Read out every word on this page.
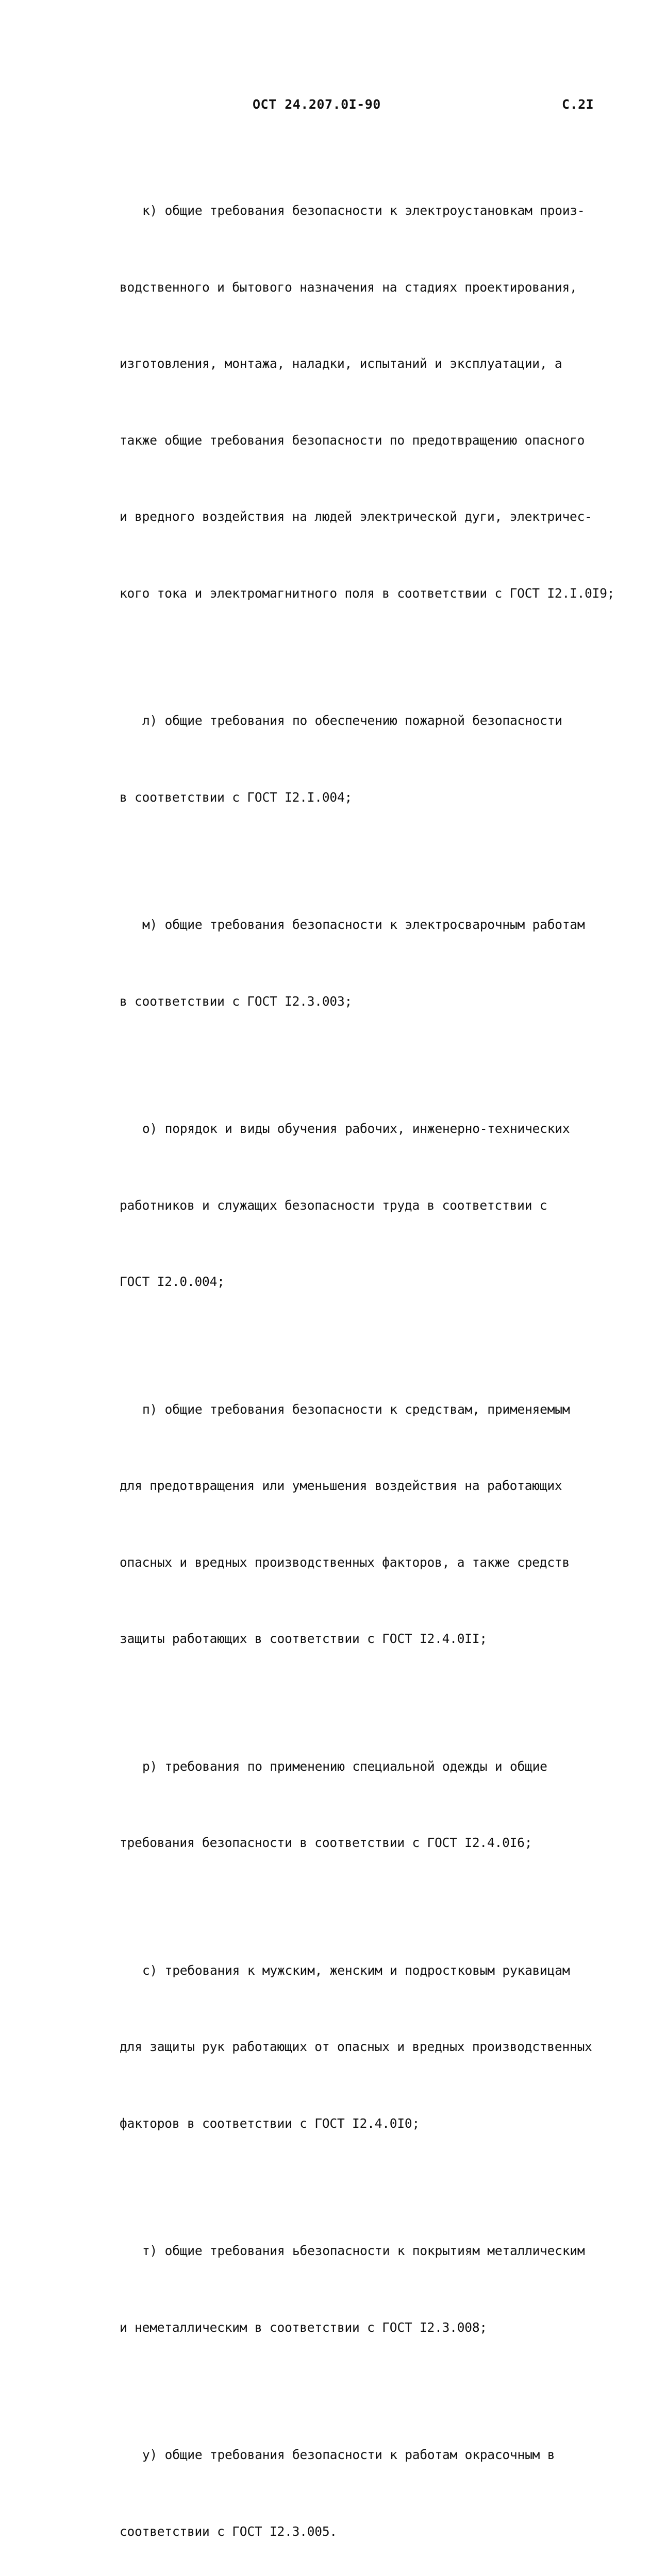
ОСТ 24.207.0I-90	С.2I

к) общие требования безопасности к электроустановкам произ-

водственного и бытового назначения на стадиях проектирования,

изготовления, монтажа, наладки, испытаний и эксплуатации, а

также общие требования безопасности по предотвращению опасного

и вредного воздействия на людей электрической дуги, электричес-

кого тока и электромагнитного поля в соответствии с ГОСТ I2.I.0I9;

л) общие требования по обеспечению пожарной безопасности

в соответствии с ГОСТ I2.I.004;

м) общие требования безопасности к электросварочным работам

в соответствии с ГОСТ I2.3.003;

о) порядок и виды обучения рабочих, инженерно-технических

работников и служащих безопасности труда в соответствии с

ГОСТ I2.0.004;

п) общие требования безопасности к средствам, применяемым

для предотвращения или уменьшения воздействия на работающих

опасных и вредных производственных факторов, а также средств

защиты работающих в соответствии с ГОСТ I2.4.0II;

р) требования по применению специальной одежды и общие

требования безопасности в соответствии с ГОСТ I2.4.0I6;

с) требования к мужским, женским и подростковым рукавицам

для защиты рук работающих от опасных и вредных производственных

факторов в соответствии с ГОСТ I2.4.0I0;

т) общие требования ьбезопасности к покрытиям металлическим

и неметаллическим в соответствии с ГОСТ I2.3.008;

у) общие требования безопасности к работам окрасочным в

соответствии с ГОСТ I2.3.005.
